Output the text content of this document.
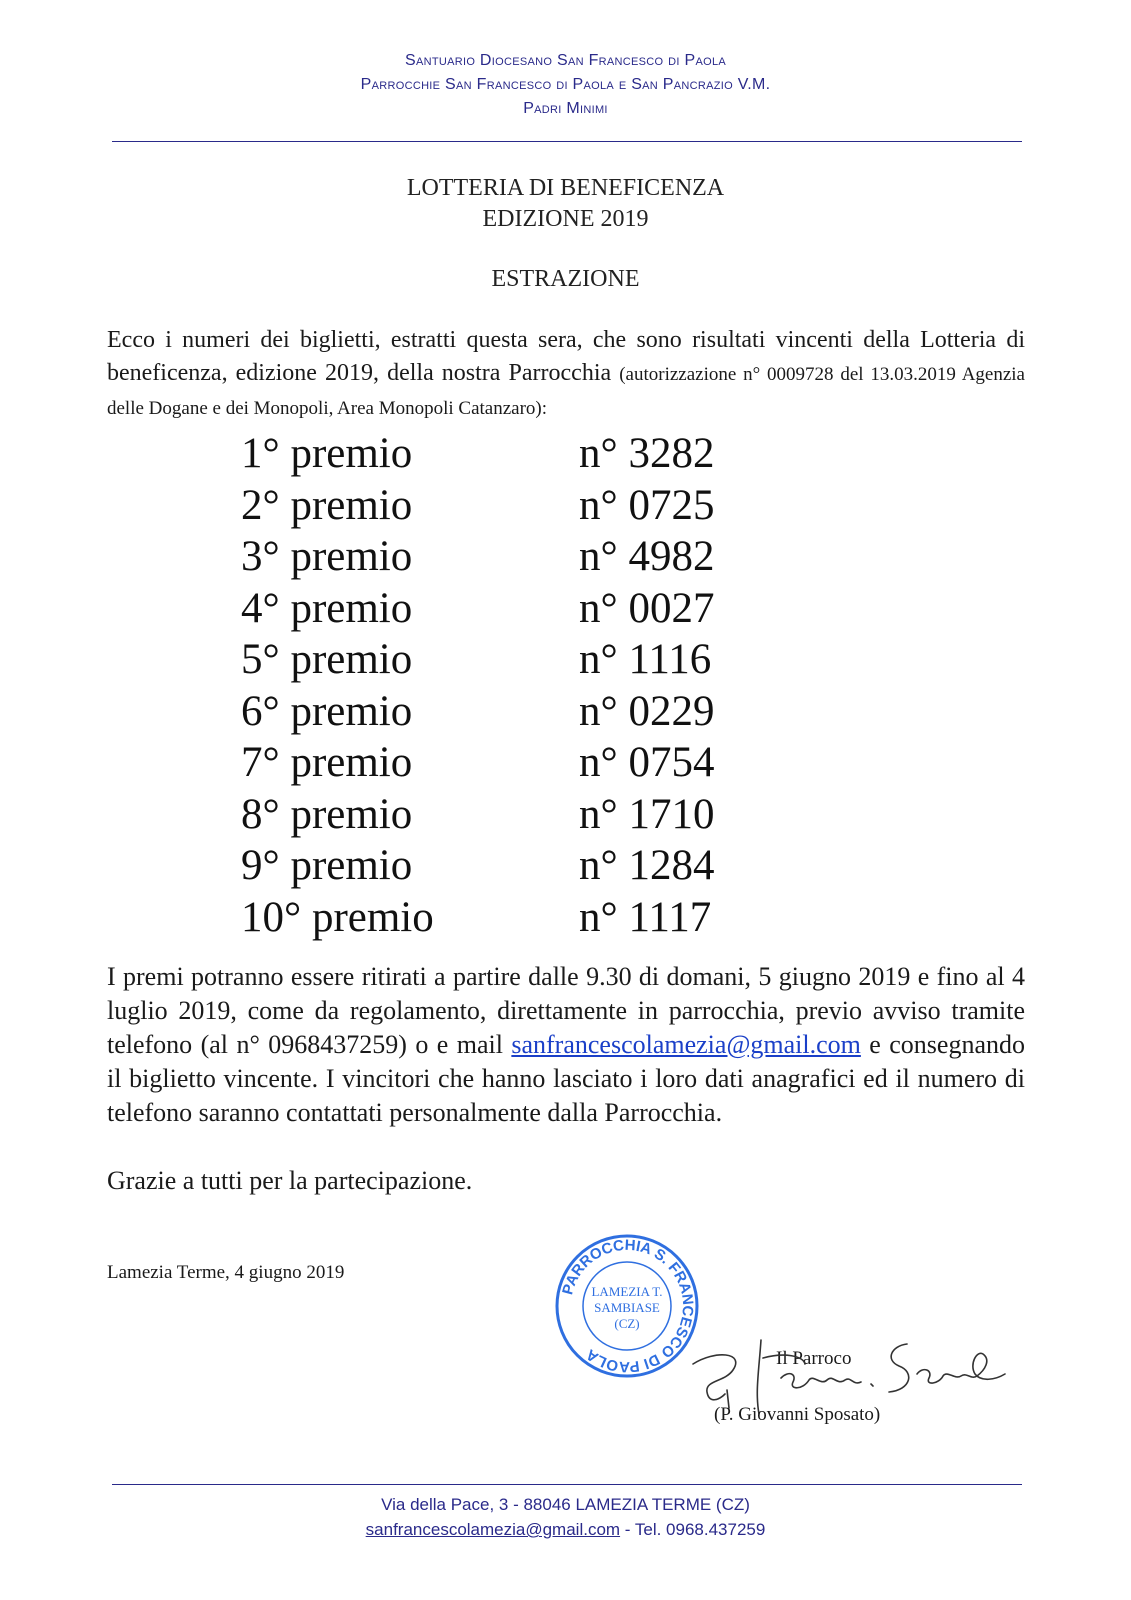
Santuario Diocesano San Francesco di Paola
Parrocchie San Francesco di Paola e San Pancrazio V.M.
Padri Minimi
LOTTERIA DI BENEFICENZA
EDIZIONE 2019
ESTRAZIONE
Ecco i numeri dei biglietti, estratti questa sera, che sono risultati vincenti della Lotteria di beneficenza, edizione 2019, della nostra Parrocchia (autorizzazione n° 0009728 del 13.03.2019 Agenzia delle Dogane e dei Monopoli, Area Monopoli Catanzaro):
1° premio	n° 3282
2° premio	n° 0725
3° premio	n° 4982
4° premio	n° 0027
5° premio	n° 1116
6° premio	n° 0229
7° premio	n° 0754
8° premio	n° 1710
9° premio	n° 1284
10° premio	n° 1117
I premi potranno essere ritirati a partire dalle 9.30 di domani, 5 giugno 2019 e fino al 4 luglio 2019, come da regolamento, direttamente in parrocchia, previo avviso tramite telefono (al n° 0968437259) o e mail sanfrancescolamezia@gmail.com e consegnando il biglietto vincente. I vincitori che hanno lasciato i loro dati anagrafici ed il numero di telefono saranno contattati personalmente dalla Parrocchia.
Grazie a tutti per la partecipazione.
Lamezia Terme, 4 giugno 2019
PARROCCHIA S. FRANCESCO DI PAOLA
LAMEZIA T.
SAMBIASE
(CZ)
Il Parroco
(P. Giovanni Sposato)
Via della Pace, 3 - 88046 LAMEZIA TERME (CZ)
sanfrancescolamezia@gmail.com - Tel. 0968.437259
